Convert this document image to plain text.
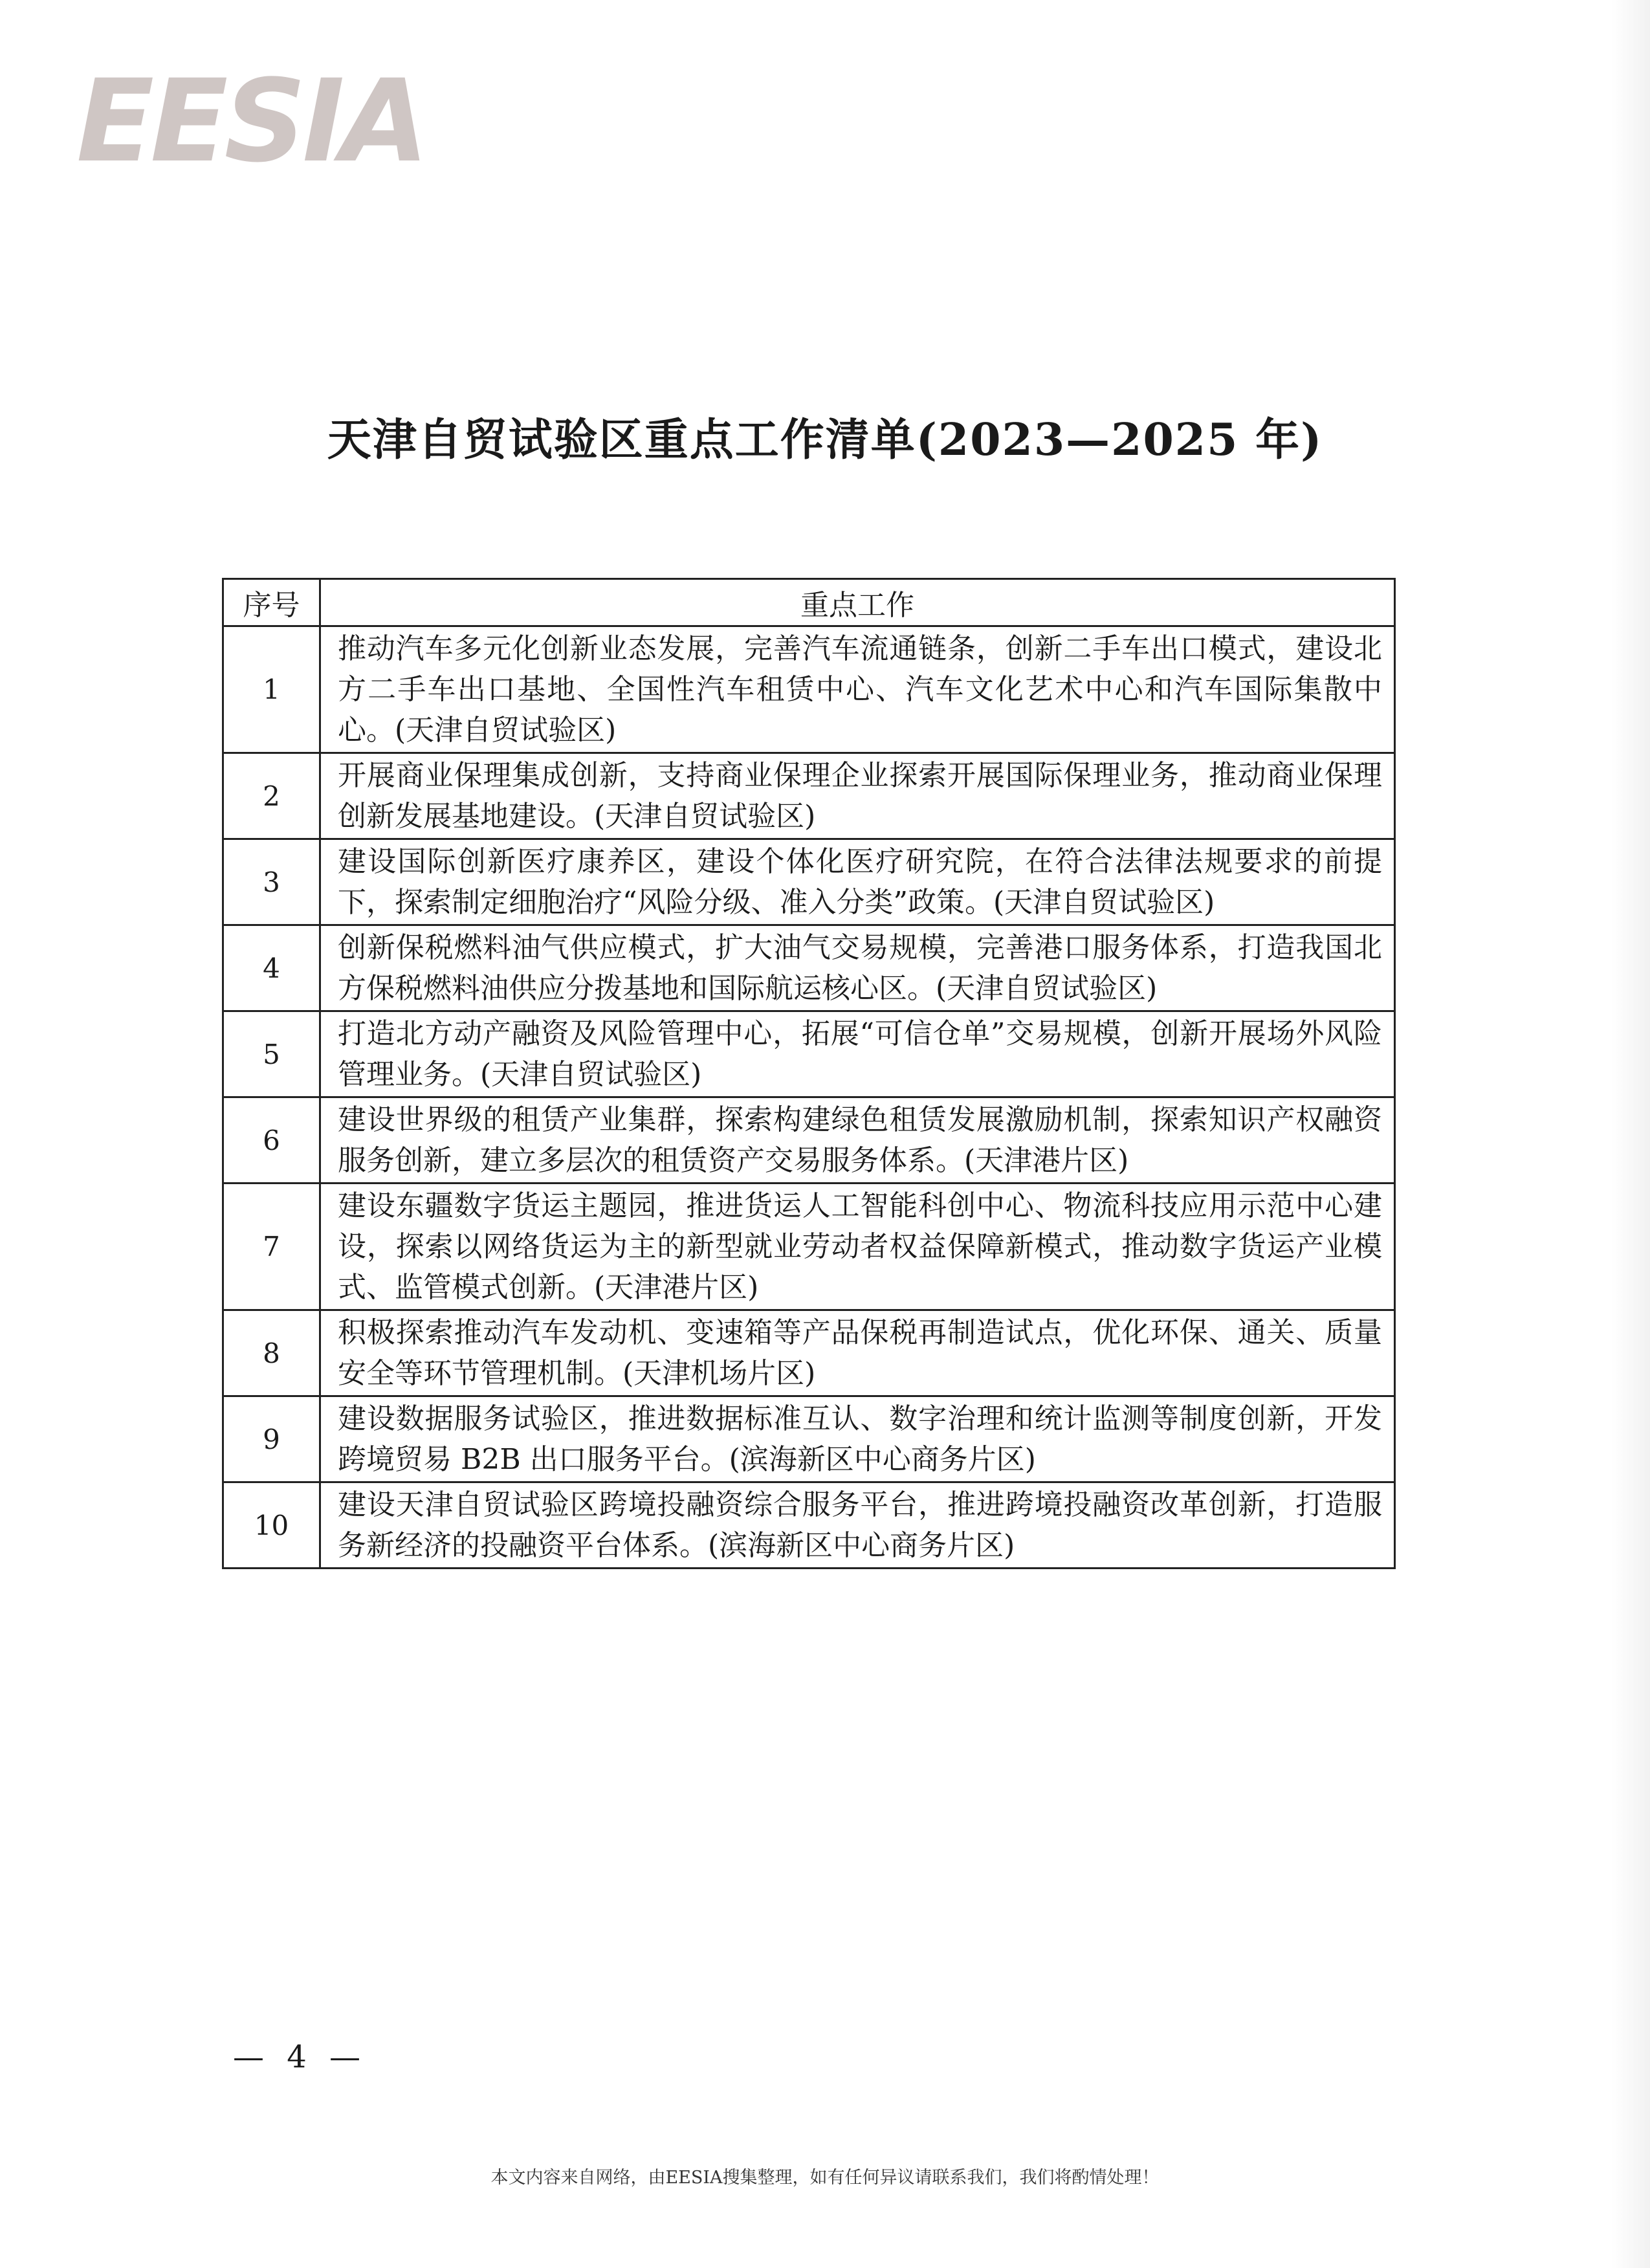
EESIA
天津自贸试验区重点工作清单(2023—2025 年)
序号	重点工作
1	推动汽车多元化创新业态发展，完善汽车流通链条，创新二手车出口模式，建设北方二手车出口基地、全国性汽车租赁中心、汽车文化艺术中心和汽车国际集散中心。(天津自贸试验区)
2	开展商业保理集成创新，支持商业保理企业探索开展国际保理业务，推动商业保理创新发展基地建设。(天津自贸试验区)
3	建设国际创新医疗康养区，建设个体化医疗研究院，在符合法律法规要求的前提下，探索制定细胞治疗“风险分级、准入分类”政策。(天津自贸试验区)
4	创新保税燃料油气供应模式，扩大油气交易规模，完善港口服务体系，打造我国北方保税燃料油供应分拨基地和国际航运核心区。(天津自贸试验区)
5	打造北方动产融资及风险管理中心，拓展“可信仓单”交易规模，创新开展场外风险管理业务。(天津自贸试验区)
6	建设世界级的租赁产业集群，探索构建绿色租赁发展激励机制，探索知识产权融资服务创新，建立多层次的租赁资产交易服务体系。(天津港片区)
7	建设东疆数字货运主题园，推进货运人工智能科创中心、物流科技应用示范中心建设，探索以网络货运为主的新型就业劳动者权益保障新模式，推动数字货运产业模式、监管模式创新。(天津港片区)
8	积极探索推动汽车发动机、变速箱等产品保税再制造试点，优化环保、通关、质量安全等环节管理机制。(天津机场片区)
9	建设数据服务试验区，推进数据标准互认、数字治理和统计监测等制度创新，开发跨境贸易 B2B 出口服务平台。(滨海新区中心商务片区)
10	建设天津自贸试验区跨境投融资综合服务平台，推进跨境投融资改革创新，打造服务新经济的投融资平台体系。(滨海新区中心商务片区)
— 4 —
本文内容来自网络，由EESIA搜集整理，如有任何异议请联系我们，我们将酌情处理！
